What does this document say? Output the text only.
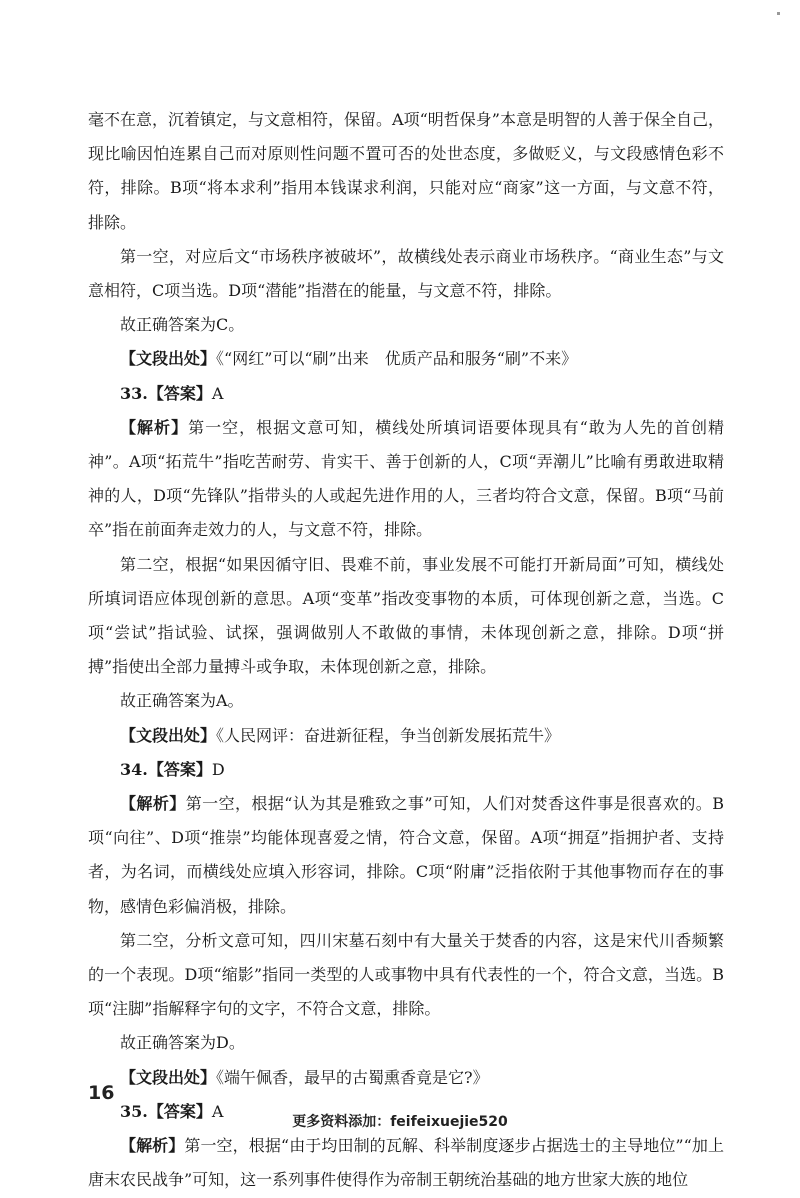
毫不在意，沉着镇定，与文意相符，保留。A项“明哲保身”本意是明智的人善于保全自己，现比喻因怕连累自己而对原则性问题不置可否的处世态度，多做贬义，与文段感情色彩不符，排除。B项“将本求利”指用本钱谋求利润，只能对应“商家”这一方面，与文意不符，排除。

第一空，对应后文“市场秩序被破坏”，故横线处表示商业市场秩序。“商业生态”与文意相符，C项当选。D项“潜能”指潜在的能量，与文意不符，排除。

故正确答案为C。

【文段出处】《“网红”可以“刷”出来　优质产品和服务“刷”不来》

33.【答案】A

【解析】第一空，根据文意可知，横线处所填词语要体现具有“敢为人先的首创精神”。A项“拓荒牛”指吃苦耐劳、肯实干、善于创新的人，C项“弄潮儿”比喻有勇敢进取精神的人，D项“先锋队”指带头的人或起先进作用的人，三者均符合文意，保留。B项“马前卒”指在前面奔走效力的人，与文意不符，排除。

第二空，根据“如果因循守旧、畏难不前，事业发展不可能打开新局面”可知，横线处所填词语应体现创新的意思。A项“变革”指改变事物的本质，可体现创新之意，当选。C项“尝试”指试验、试探，强调做别人不敢做的事情，未体现创新之意，排除。D项“拼搏”指使出全部力量搏斗或争取，未体现创新之意，排除。

故正确答案为A。

【文段出处】《人民网评：奋进新征程，争当创新发展拓荒牛》

34.【答案】D

【解析】第一空，根据“认为其是雅致之事”可知，人们对焚香这件事是很喜欢的。B项“向往”、D项“推崇”均能体现喜爱之情，符合文意，保留。A项“拥趸”指拥护者、支持者，为名词，而横线处应填入形容词，排除。C项“附庸”泛指依附于其他事物而存在的事物，感情色彩偏消极，排除。

第二空，分析文意可知，四川宋墓石刻中有大量关于焚香的内容，这是宋代川香频繁的一个表现。D项“缩影”指同一类型的人或事物中具有代表性的一个，符合文意，当选。B项“注脚”指解释字句的文字，不符合文意，排除。

故正确答案为D。

【文段出处】《端午佩香，最早的古蜀熏香竟是它?》

35.【答案】A

【解析】第一空，根据“由于均田制的瓦解、科举制度逐步占据选士的主导地位”“加上唐末农民战争”可知，这一系列事件使得作为帝制王朝统治基础的地方世家大族的地位

16
更多资料添加：feifeixuejie520
